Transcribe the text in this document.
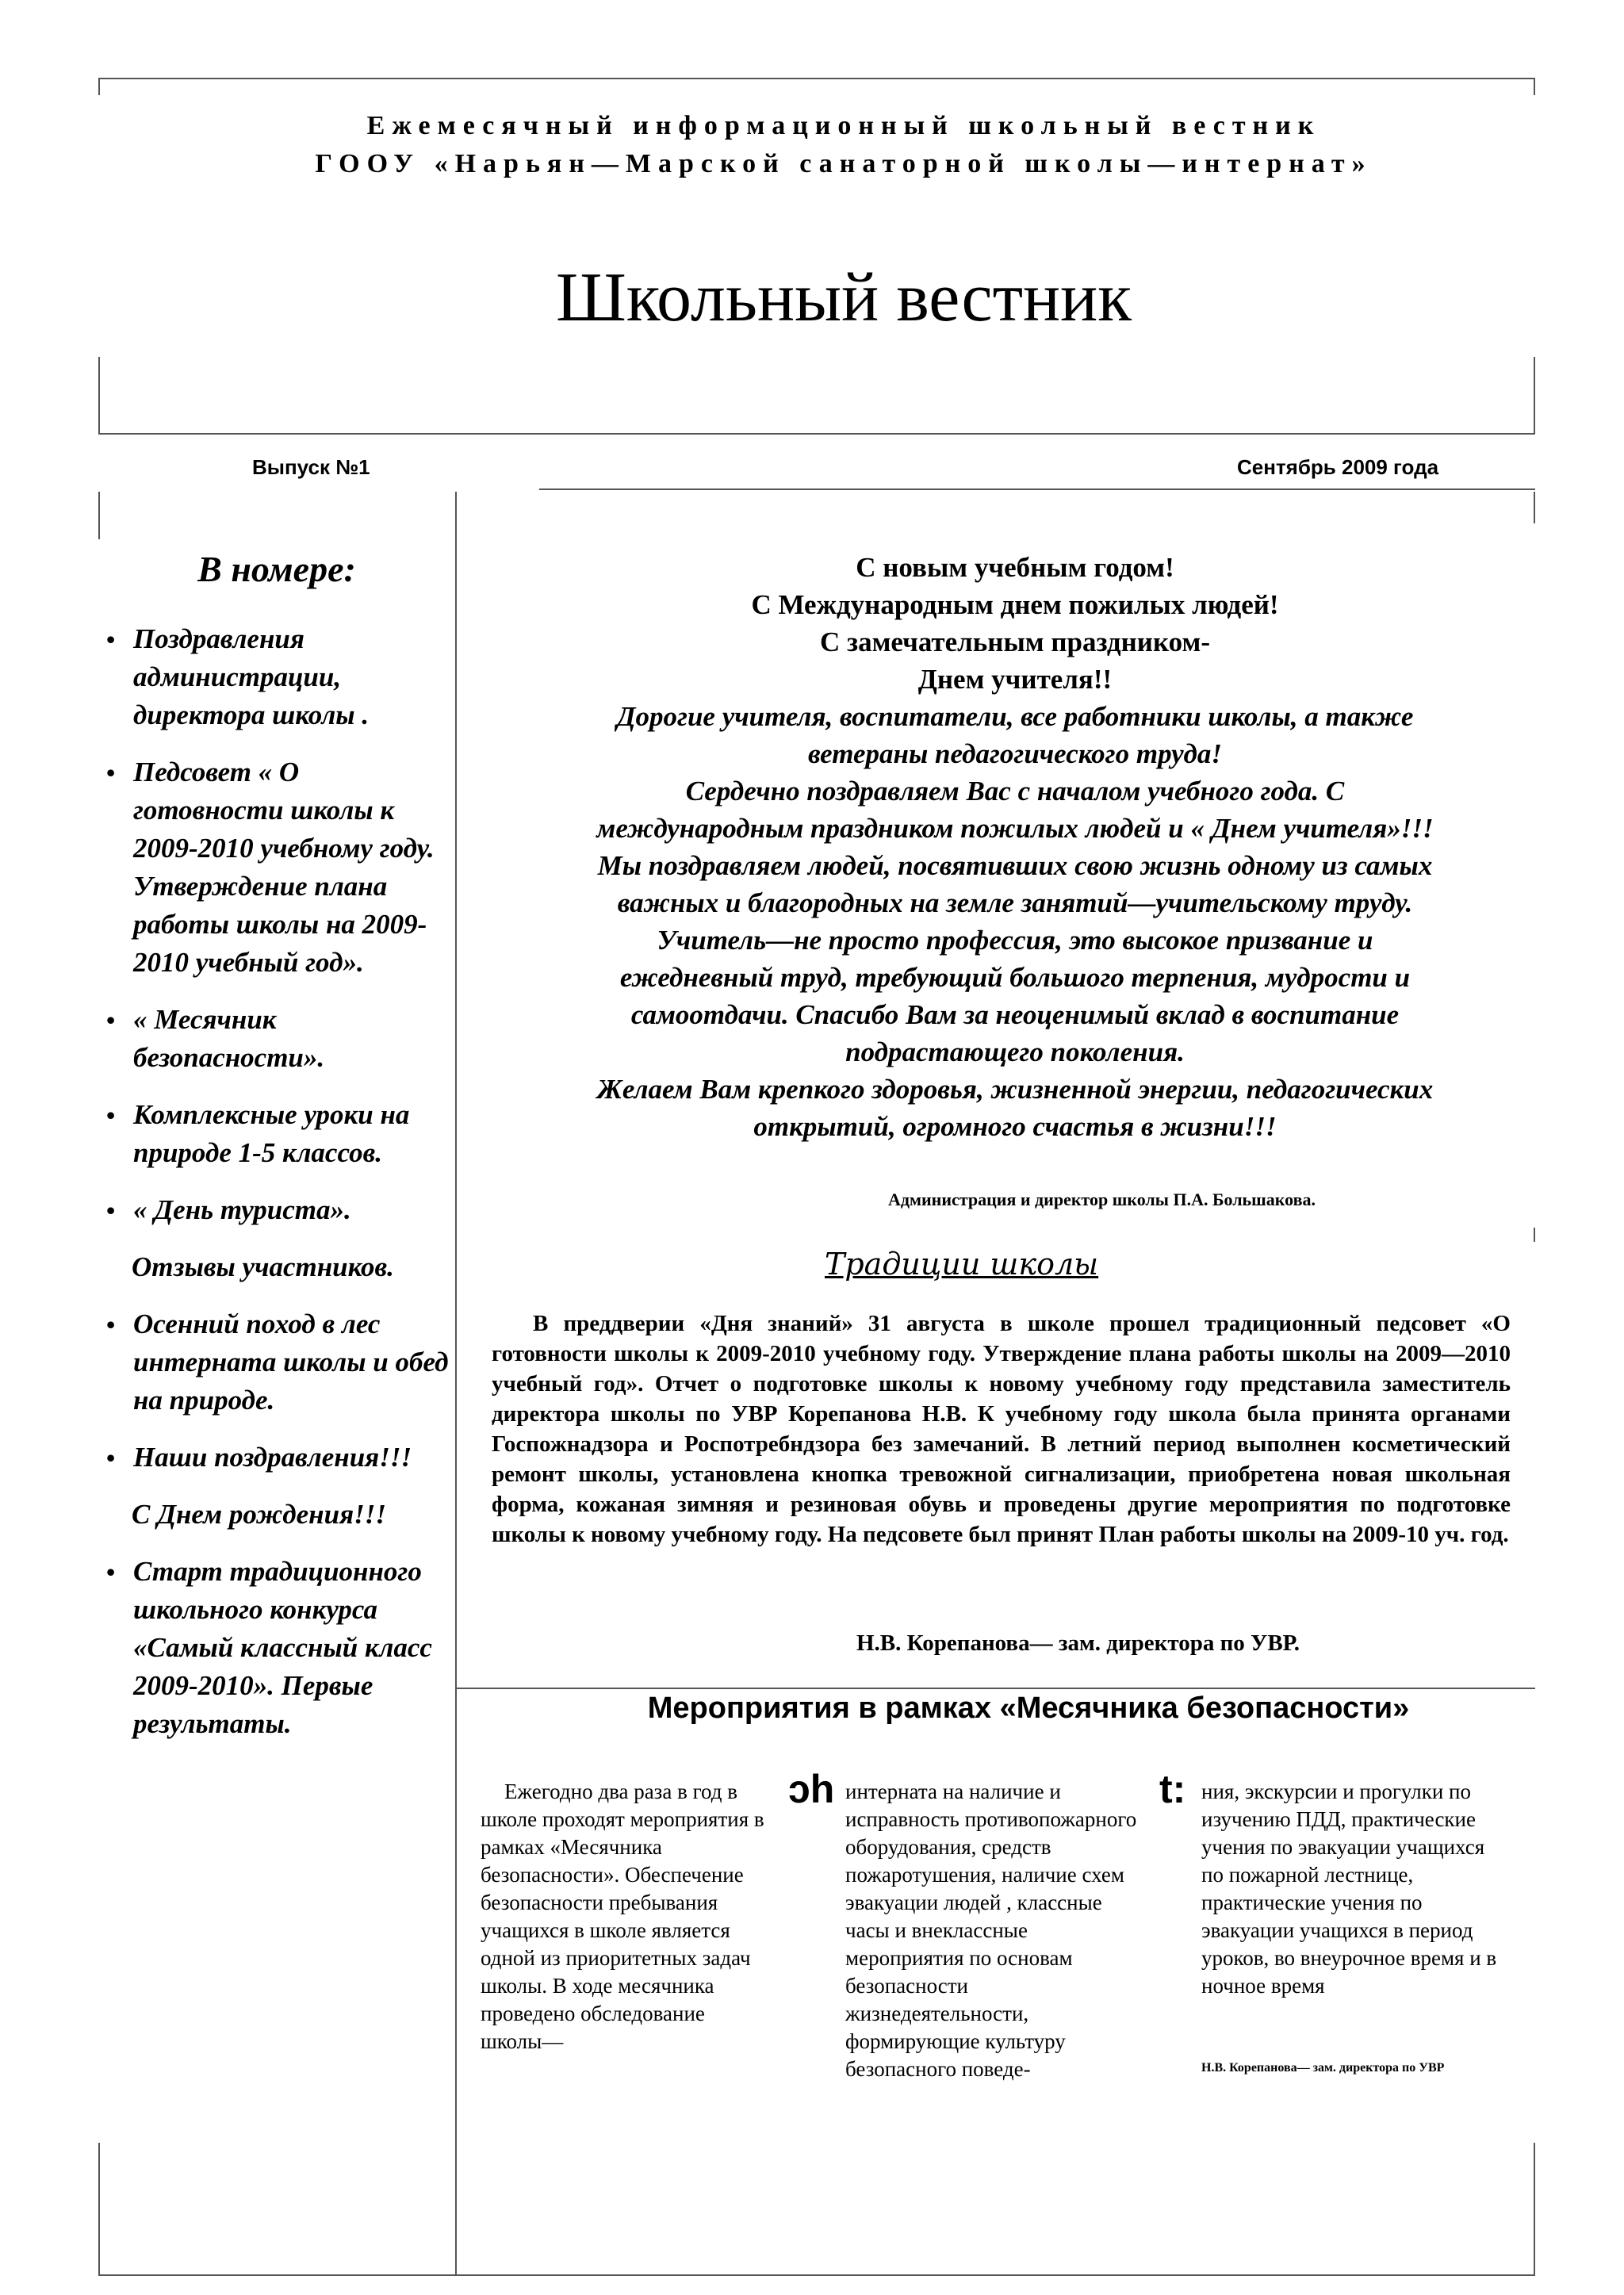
Ежемесячный информационный школьный вестник
ГООУ «Нарьян—Марской санаторной школы—интернат»
Школьный вестник
Выпуск №1	Сентябрь 2009 года
В номере:
• Поздравления администрации, директора школы .
• Педсовет « О готовности школы к 2009-2010 учебному году. Утверждение плана работы школы на 2009-2010 учебный год».
• « Месячник безопасности».
• Комплексные уроки на природе 1-5 классов.
• « День туриста».
Отзывы участников.
• Осенний поход в лес интерната школы и обед на природе.
• Наши поздравления!!!
С Днем рождения!!!
• Старт традиционного школьного конкурса «Самый классный класс 2009-2010». Первые результаты.
С новым учебным годом!
С Международным днем пожилых людей!
С замечательным праздником-
Днем учителя!!
Дорогие учителя, воспитатели, все работники школы, а также
ветераны педагогического труда!
Сердечно поздравляем Вас с началом учебного года. С
международным праздником пожилых людей и « Днем учителя»!!!
Мы поздравляем людей, посвятивших свою жизнь одному из самых
важных и благородных на земле занятий—учительскому труду.
Учитель—не просто профессия, это высокое призвание и
ежедневный труд, требующий большого терпения, мудрости и
самоотдачи. Спасибо Вам за неоценимый вклад в воспитание
подрастающего поколения.
Желаем Вам крепкого здоровья, жизненной энергии, педагогических
открытий, огромного счастья в жизни!!!
Администрация и директор школы П.А. Большакова.
Традиции школы
В преддверии «Дня знаний» 31 августа в школе прошел традиционный педсовет «О готовности школы к 2009-2010 учебному году. Утверждение плана работы школы на 2009—2010 учебный год». Отчет о подготовке школы к новому учебному году представила заместитель директора школы по УВР Корепанова Н.В. К учебному году школа была принята органами Госпожнадзора и Роспотребндзора без замечаний. В летний период выполнен косметический ремонт школы, установлена кнопка тревожной сигнализации, приобретена новая школьная форма, кожаная зимняя и резиновая обувь и проведены другие мероприятия по подготовке школы к новому учебному году. На педсовете был принят План работы школы на 2009-10 уч. год.
Н.В. Корепанова— зам. директора по УВР.
Мероприятия в рамках «Месячника безопасности»

Ежегодно два раза в год в школе проходят мероприятия в рамках «Месячника безопасности». Обеспечение безопасности пребывания учащихся в школе является одной из приоритетных задач школы. В ходе месячника проведено обследование школы—

ɔh интерната на наличие и исправность противопожарного оборудования, средств пожаротушения, наличие схем эвакуации людей , классные часы и внеклассные мероприятия по основам безопасности жизнедеятельности, формирующие культуру безопасного поведе-

t: ния, экскурсии и прогулки по изучению ПДД, практические учения по эвакуации учащихся по пожарной лестнице, практические учения по эвакуации учащихся в период уроков, во внеурочное время и в ночное время

Н.В. Корепанова— зам. директора по УВР
